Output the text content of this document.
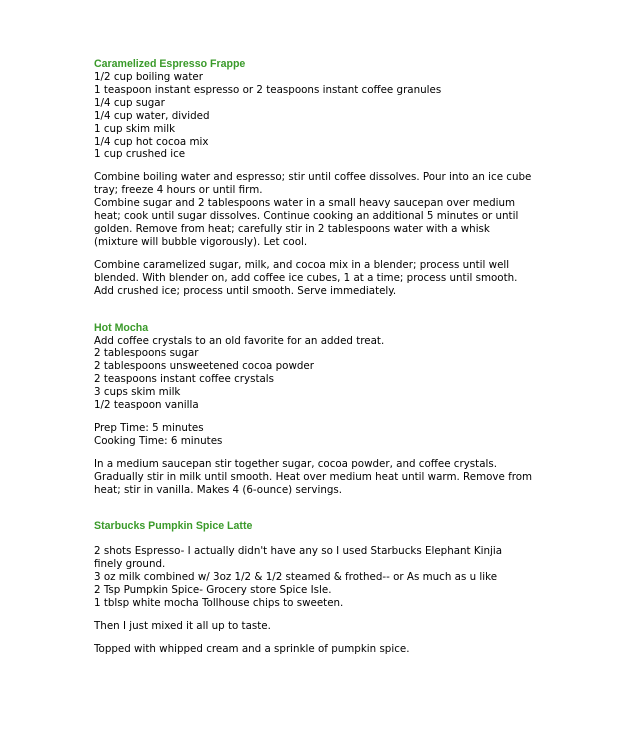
Caramelized Espresso Frappe
1/2 cup boiling water
1 teaspoon instant espresso or 2 teaspoons instant coffee granules
1/4 cup sugar
1/4 cup water, divided
1 cup skim milk
1/4 cup hot cocoa mix
1 cup crushed ice
Combine boiling water and espresso; stir until coffee dissolves. Pour into an ice cube
tray; freeze 4 hours or until firm.
Combine sugar and 2 tablespoons water in a small heavy saucepan over medium
heat; cook until sugar dissolves. Continue cooking an additional 5 minutes or until
golden. Remove from heat; carefully stir in 2 tablespoons water with a whisk
(mixture will bubble vigorously). Let cool.
Combine caramelized sugar, milk, and cocoa mix in a blender; process until well
blended. With blender on, add coffee ice cubes, 1 at a time; process until smooth.
Add crushed ice; process until smooth. Serve immediately.
Hot Mocha
Add coffee crystals to an old favorite for an added treat.
2 tablespoons sugar
2 tablespoons unsweetened cocoa powder
2 teaspoons instant coffee crystals
3 cups skim milk
1/2 teaspoon vanilla
Prep Time: 5 minutes
Cooking Time: 6 minutes
In a medium saucepan stir together sugar, cocoa powder, and coffee crystals.
Gradually stir in milk until smooth. Heat over medium heat until warm. Remove from
heat; stir in vanilla. Makes 4 (6-ounce) servings.
Starbucks Pumpkin Spice Latte
2 shots Espresso- I actually didn't have any so I used Starbucks Elephant Kinjia
finely ground.
3 oz milk combined w/ 3oz 1/2 & 1/2 steamed & frothed-- or As much as u like
2 Tsp Pumpkin Spice- Grocery store Spice Isle.
1 tblsp white mocha Tollhouse chips to sweeten.
Then I just mixed it all up to taste.
Topped with whipped cream and a sprinkle of pumpkin spice.
